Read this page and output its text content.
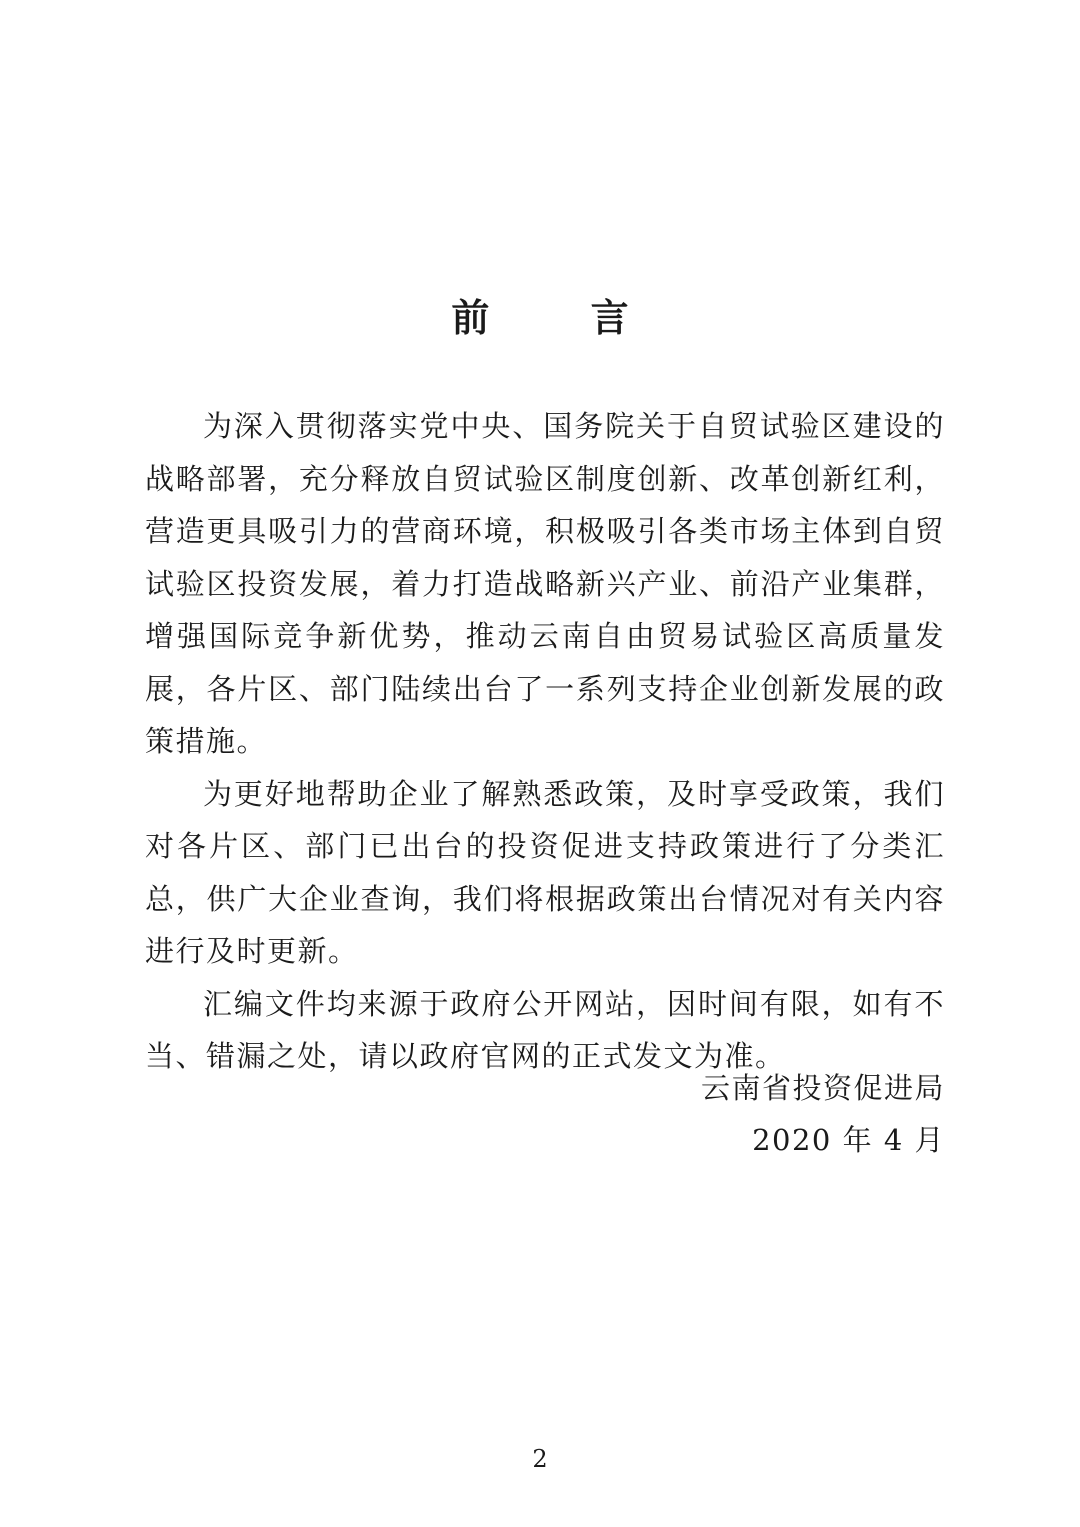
前 言

为深入贯彻落实党中央、国务院关于自贸试验区建设的战略部署，充分释放自贸试验区制度创新、改革创新红利，营造更具吸引力的营商环境，积极吸引各类市场主体到自贸试验区投资发展，着力打造战略新兴产业、前沿产业集群，增强国际竞争新优势，推动云南自由贸易试验区高质量发展，各片区、部门陆续出台了一系列支持企业创新发展的政策措施。

为更好地帮助企业了解熟悉政策，及时享受政策，我们对各片区、部门已出台的投资促进支持政策进行了分类汇总，供广大企业查询，我们将根据政策出台情况对有关内容进行及时更新。

汇编文件均来源于政府公开网站，因时间有限，如有不当、错漏之处，请以政府官网的正式发文为准。

云南省投资促进局
2020 年 4 月
2
